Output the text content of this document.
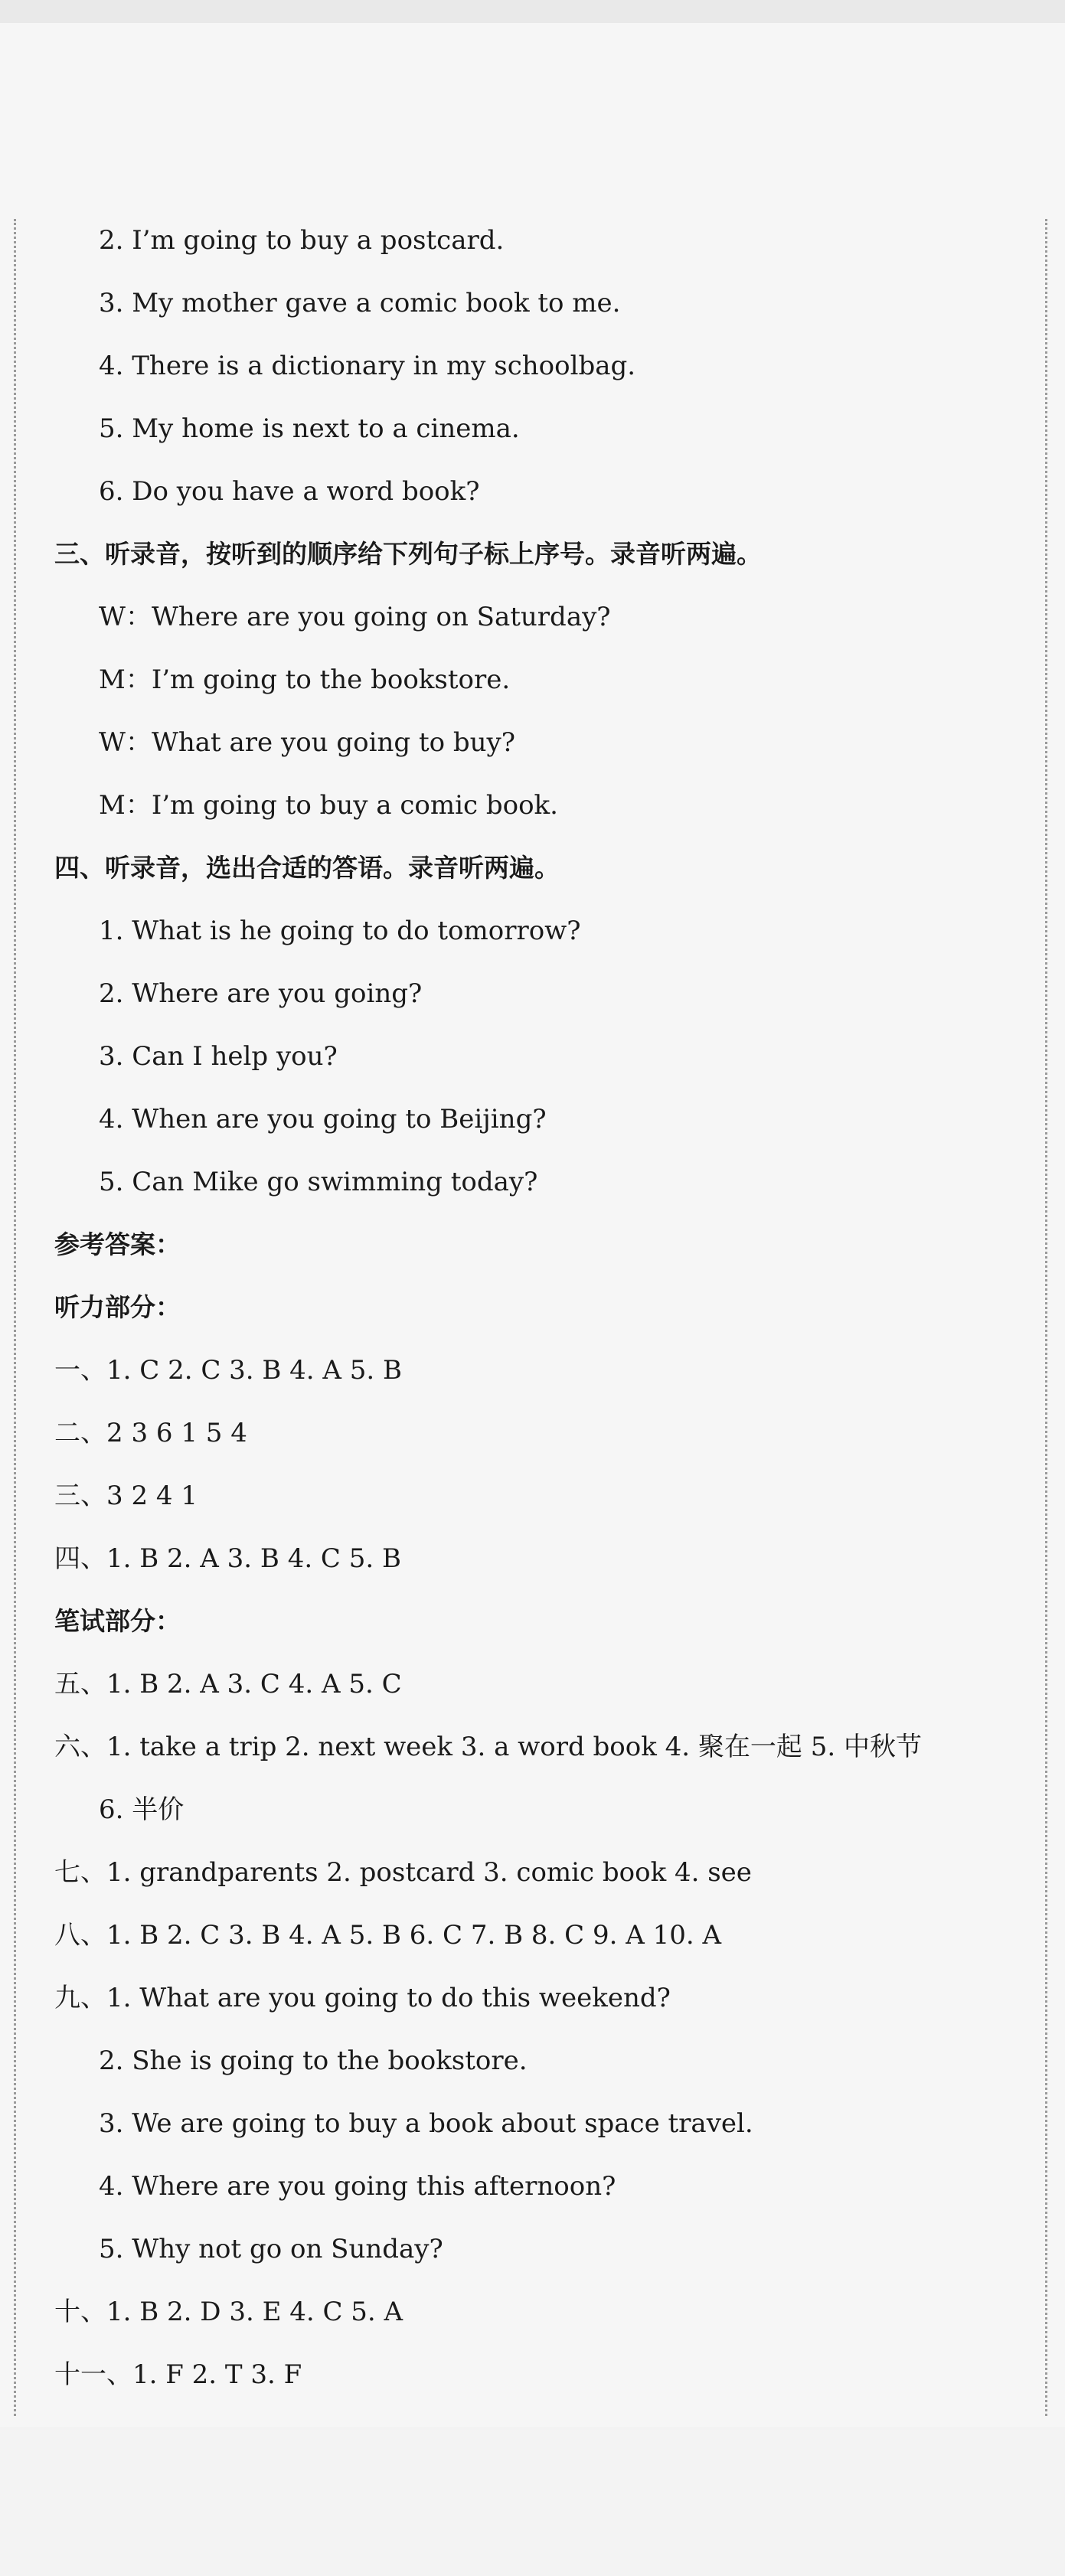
2. I’m going to buy a postcard.
3. My mother gave a comic book to me.
4. There is a dictionary in my schoolbag.
5. My home is next to a cinema.
6. Do you have a word book?
三、听录音，按听到的顺序给下列句子标上序号。录音听两遍。
W：Where are you going on Saturday?
M：I’m going to the bookstore.
W：What are you going to buy?
M：I’m going to buy a comic book.
四、听录音，选出合适的答语。录音听两遍。
1. What is he going to do tomorrow?
2. Where are you going?
3. Can I help you?
4. When are you going to Beijing?
5. Can Mike go swimming today?
参考答案：
听力部分：
一、1. C 2. C 3. B 4. A 5. B
二、2 3 6 1 5 4
三、3 2 4 1
四、1. B 2. A 3. B 4. C 5. B
笔试部分：
五、1. B 2. A 3. C 4. A 5. C
六、1. take a trip 2. next week 3. a word book 4. 聚在一起 5. 中秋节
6. 半价
七、1. grandparents 2. postcard 3. comic book 4. see
八、1. B 2. C 3. B 4. A 5. B 6. C 7. B 8. C 9. A 10. A
九、1. What are you going to do this weekend?
2. She is going to the bookstore.
3. We are going to buy a book about space travel.
4. Where are you going this afternoon?
5. Why not go on Sunday?
十、1. B 2. D 3. E 4. C 5. A
十一、1. F 2. T 3. F
